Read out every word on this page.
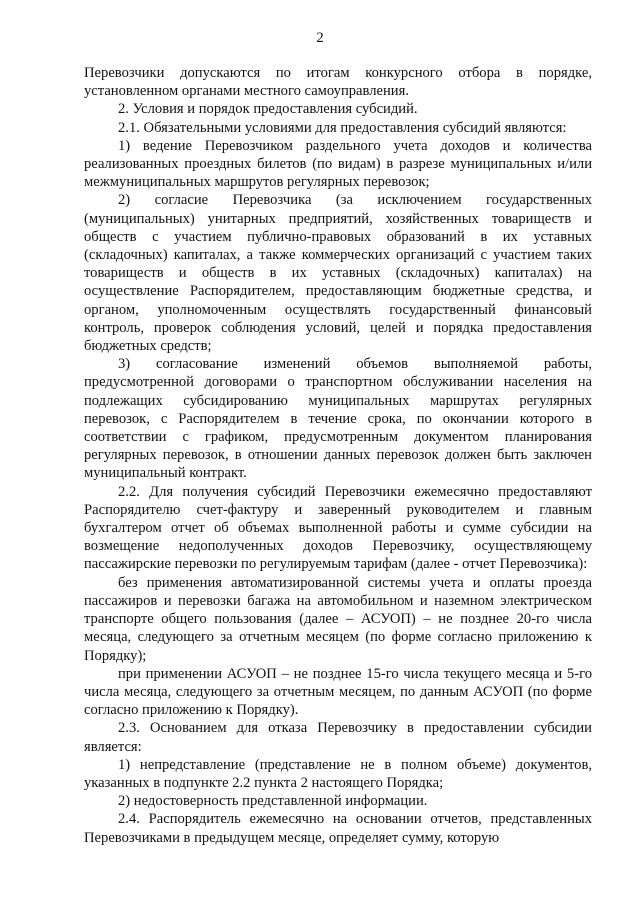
2

Перевозчики допускаются по итогам конкурсного отбора в порядке, установленном органами местного самоуправления.

2. Условия и порядок предоставления субсидий.

2.1. Обязательными условиями для предоставления субсидий являются:

1) ведение Перевозчиком раздельного учета доходов и количества реализованных проездных билетов (по видам) в разрезе муниципальных и/или межмуниципальных маршрутов регулярных перевозок;

2) согласие Перевозчика (за исключением государственных (муниципальных) унитарных предприятий, хозяйственных товариществ и обществ с участием публично-правовых образований в их уставных (складочных) капиталах, а также коммерческих организаций с участием таких товариществ и обществ в их уставных (складочных) капиталах) на осуществление Распорядителем, предоставляющим бюджетные средства, и органом, уполномоченным осуществлять государственный финансовый контроль, проверок соблюдения условий, целей и порядка предоставления бюджетных средств;

3) согласование изменений объемов выполняемой работы, предусмотренной договорами о транспортном обслуживании населения на подлежащих субсидированию муниципальных маршрутах регулярных перевозок, с Распорядителем в течение срока, по окончании которого в соответствии с графиком, предусмотренным документом планирования регулярных перевозок, в отношении данных перевозок должен быть заключен муниципальный контракт.

2.2. Для получения субсидий Перевозчики ежемесячно предоставляют Распорядителю счет-фактуру и заверенный руководителем и главным бухгалтером отчет об объемах выполненной работы и сумме субсидии на возмещение недополученных доходов Перевозчику, осуществляющему пассажирские перевозки по регулируемым тарифам (далее - отчет Перевозчика):

без применения автоматизированной системы учета и оплаты проезда пассажиров и перевозки багажа на автомобильном и наземном электрическом транспорте общего пользования (далее – АСУОП) – не позднее 20-го числа месяца, следующего за отчетным месяцем (по форме согласно приложению к Порядку);

при применении АСУОП – не позднее 15-го числа текущего месяца и 5-го числа месяца, следующего за отчетным месяцем, по данным АСУОП (по форме согласно приложению к Порядку).

2.3. Основанием для отказа Перевозчику в предоставлении субсидии является:

1) непредставление (представление не в полном объеме) документов, указанных в подпункте 2.2 пункта 2 настоящего Порядка;

2) недостоверность представленной информации.

2.4. Распорядитель ежемесячно на основании отчетов, представленных Перевозчиками в предыдущем месяце, определяет сумму, которую
